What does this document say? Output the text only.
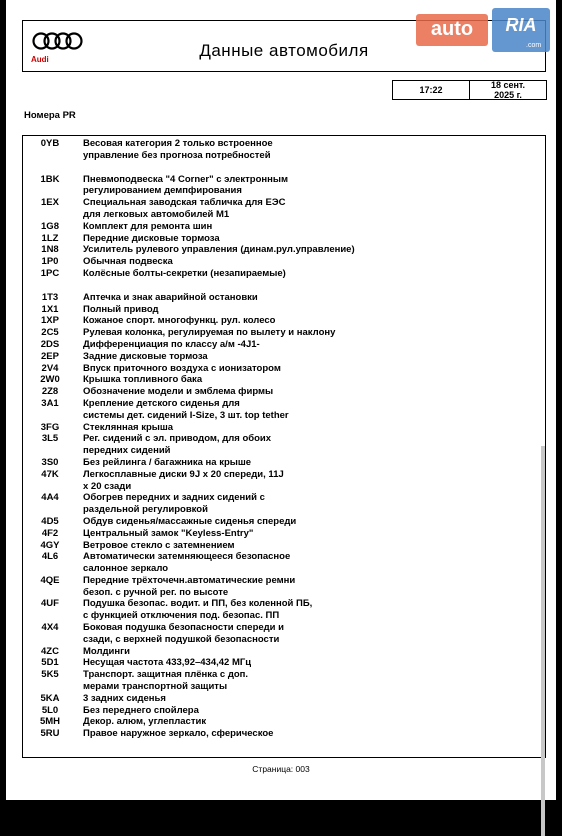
Audi	Данные автомобиля
17:22	18 сент.
2025 г.
Номера PR
0YB	Весовая категория 2 только встроенное
управление без прогноза потребностей
1BK	Пневмоподвеска "4 Corner" с электронным
регулированием демпфирования
1EX	Специальная заводская табличка для ЕЭС
для легковых автомобилей М1
1G8	Комплект для ремонта шин
1LZ	Передние дисковые тормоза
1N8	Усилитель рулевого управления (динам.рул.управление)
1P0	Обычная подвеска
1PC	Колёсные болты-секретки (незапираемые)
1T3	Аптечка и знак аварийной остановки
1X1	Полный привод
1XP	Кожаное спорт. многофункц. рул. колесо
2C5	Рулевая колонка, регулируемая по вылету и наклону
2DS	Дифференциация по классу а/м -4J1-
2EP	Задние дисковые тормоза
2V4	Впуск приточного воздуха с ионизатором
2W0	Крышка топливного бака
2Z8	Обозначение модели и эмблема фирмы
3A1	Крепление детского сиденья для
системы дет. сидений I-Size, 3 шт. top tether
3FG	Стеклянная крыша
3L5	Рег. сидений с эл. приводом, для обоих
передних сидений
3S0	Без рейлинга / багажника на крыше
47K	Легкосплавные диски 9J x 20 спереди, 11J
x 20 сзади
4A4	Обогрев передних и задних сидений с
раздельной регулировкой
4D5	Обдув сиденья/массажные сиденья спереди
4F2	Центральный замок "Keyless-Entry"
4GY	Ветровое стекло с затемнением
4L6	Автоматически затемняющееся безопасное
салонное зеркало
4QE	Передние трёхточечн.автоматические ремни
безоп. с ручной рег. по высоте
4UF	Подушка безопас. водит. и ПП, без коленной ПБ,
с функцией отключения под. безопас. ПП
4X4	Боковая подушка безопасности спереди и
сзади, с верхней подушкой безопасности
4ZC	Молдинги
5D1	Несущая частота 433,92–434,42 МГц
5K5	Транспорт. защитная плёнка с доп.
мерами транспортной защиты
5KA	3 задних сиденья
5L0	Без переднего спойлера
5MH	Декор. алюм, углепластик
5RU	Правое наружное зеркало, сферическое
Страница: 003
auto	RIA
.com
